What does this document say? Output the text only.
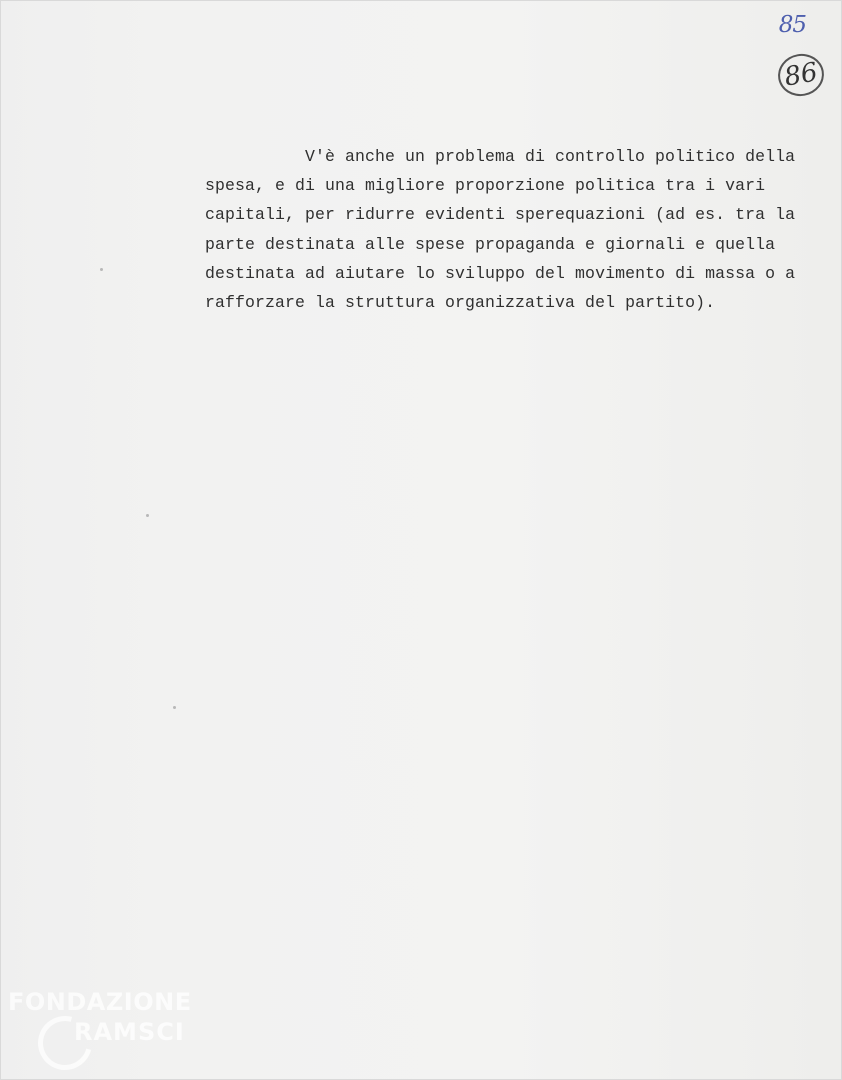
85
86
V'è anche un problema di controllo politico della
spesa, e di una migliore proporzione politica tra i vari
capitali, per ridurre evidenti sperequazioni (ad es. tra la
parte destinata alle spese propaganda e giornali e quella
destinata ad aiutare lo sviluppo del movimento di massa o a
rafforzare la struttura organizzativa del partito).
FONDAZIONE
RAMSCI
